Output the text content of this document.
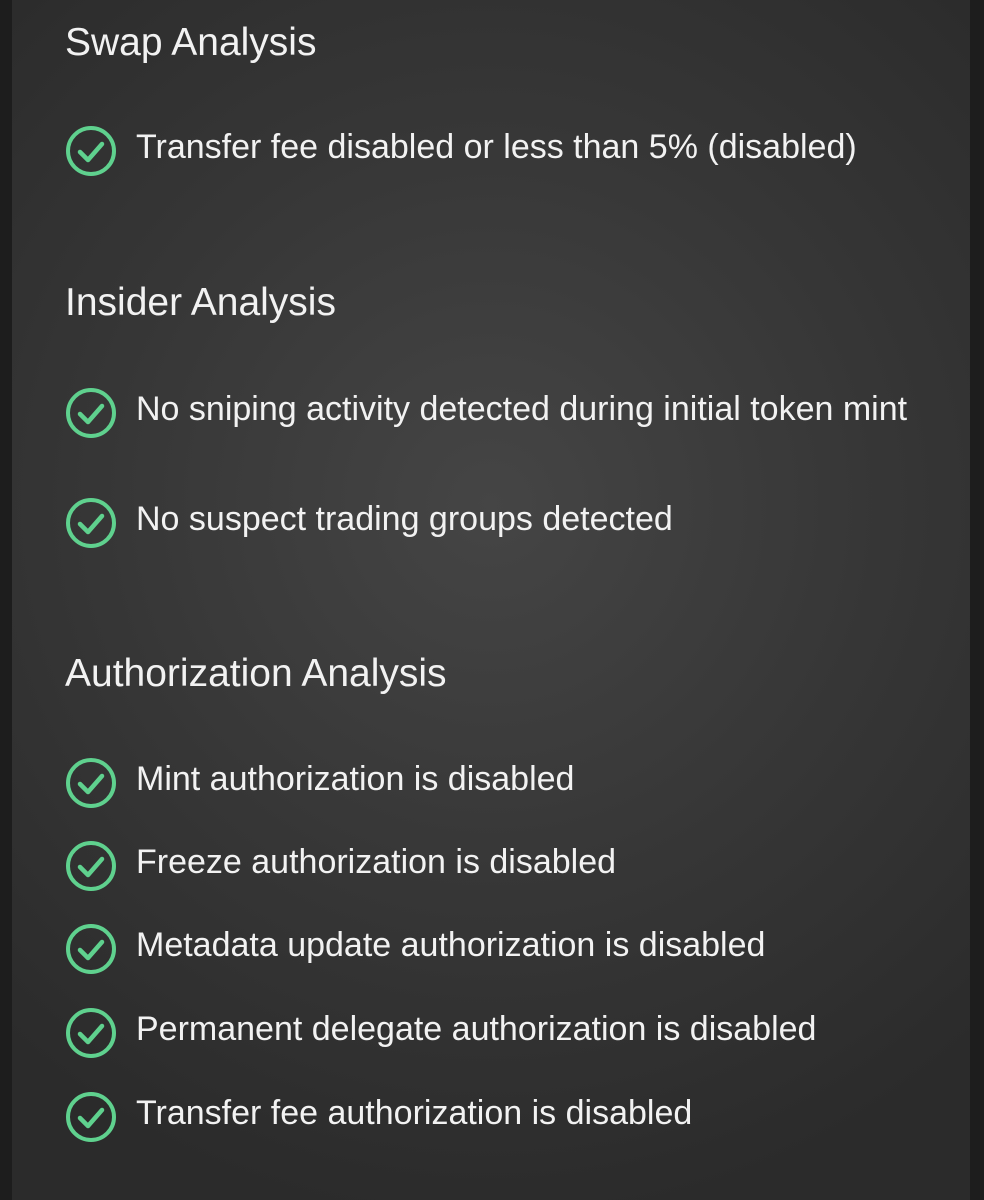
Swap Analysis
Transfer fee disabled or less than 5% (disabled)
Insider Analysis
No sniping activity detected during initial token mint
No suspect trading groups detected
Authorization Analysis
Mint authorization is disabled
Freeze authorization is disabled
Metadata update authorization is disabled
Permanent delegate authorization is disabled
Transfer fee authorization is disabled
